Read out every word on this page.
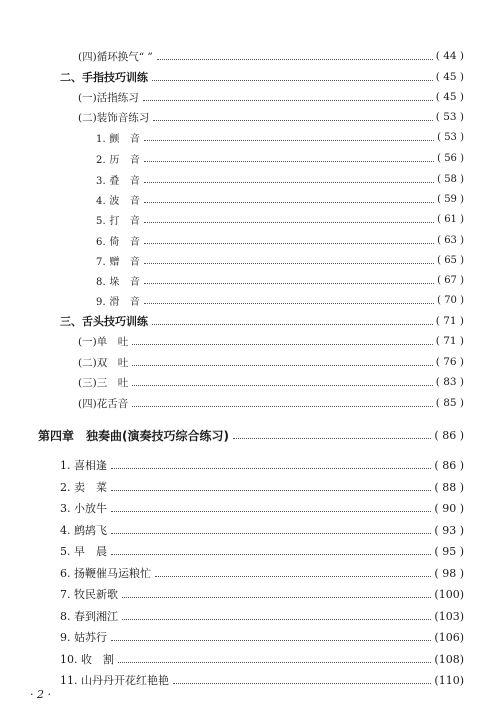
(四)循环换气“ ”	( 44 )
二、手指技巧训练	( 45 )
(一)活指练习	( 45 )
(二)装饰音练习	( 53 )
1. 颤　音	( 53 )
2. 历　音	( 56 )
3. 叠　音	( 58 )
4. 波　音	( 59 )
5. 打　音	( 61 )
6. 倚　音	( 63 )
7. 赠　音	( 65 )
8. 垛　音	( 67 )
9. 滑　音	( 70 )
三、舌头技巧训练	( 71 )
(一)单　吐	( 71 )
(二)双　吐	( 76 )
(三)三　吐	( 83 )
(四)花舌音	( 85 )
第四章　独奏曲(演奏技巧综合练习)	( 86 )
1. 喜相逢	( 86 )
2. 卖　菜	( 88 )
3. 小放牛	( 90 )
4. 鹧鸪飞	( 93 )
5. 早　晨	( 95 )
6. 扬鞭催马运粮忙	( 98 )
7. 牧民新歌	(100)
8. 春到湘江	(103)
9. 姑苏行	(106)
10. 收　割	(108)
11. 山丹丹开花红艳艳	(110)
· 2 ·
